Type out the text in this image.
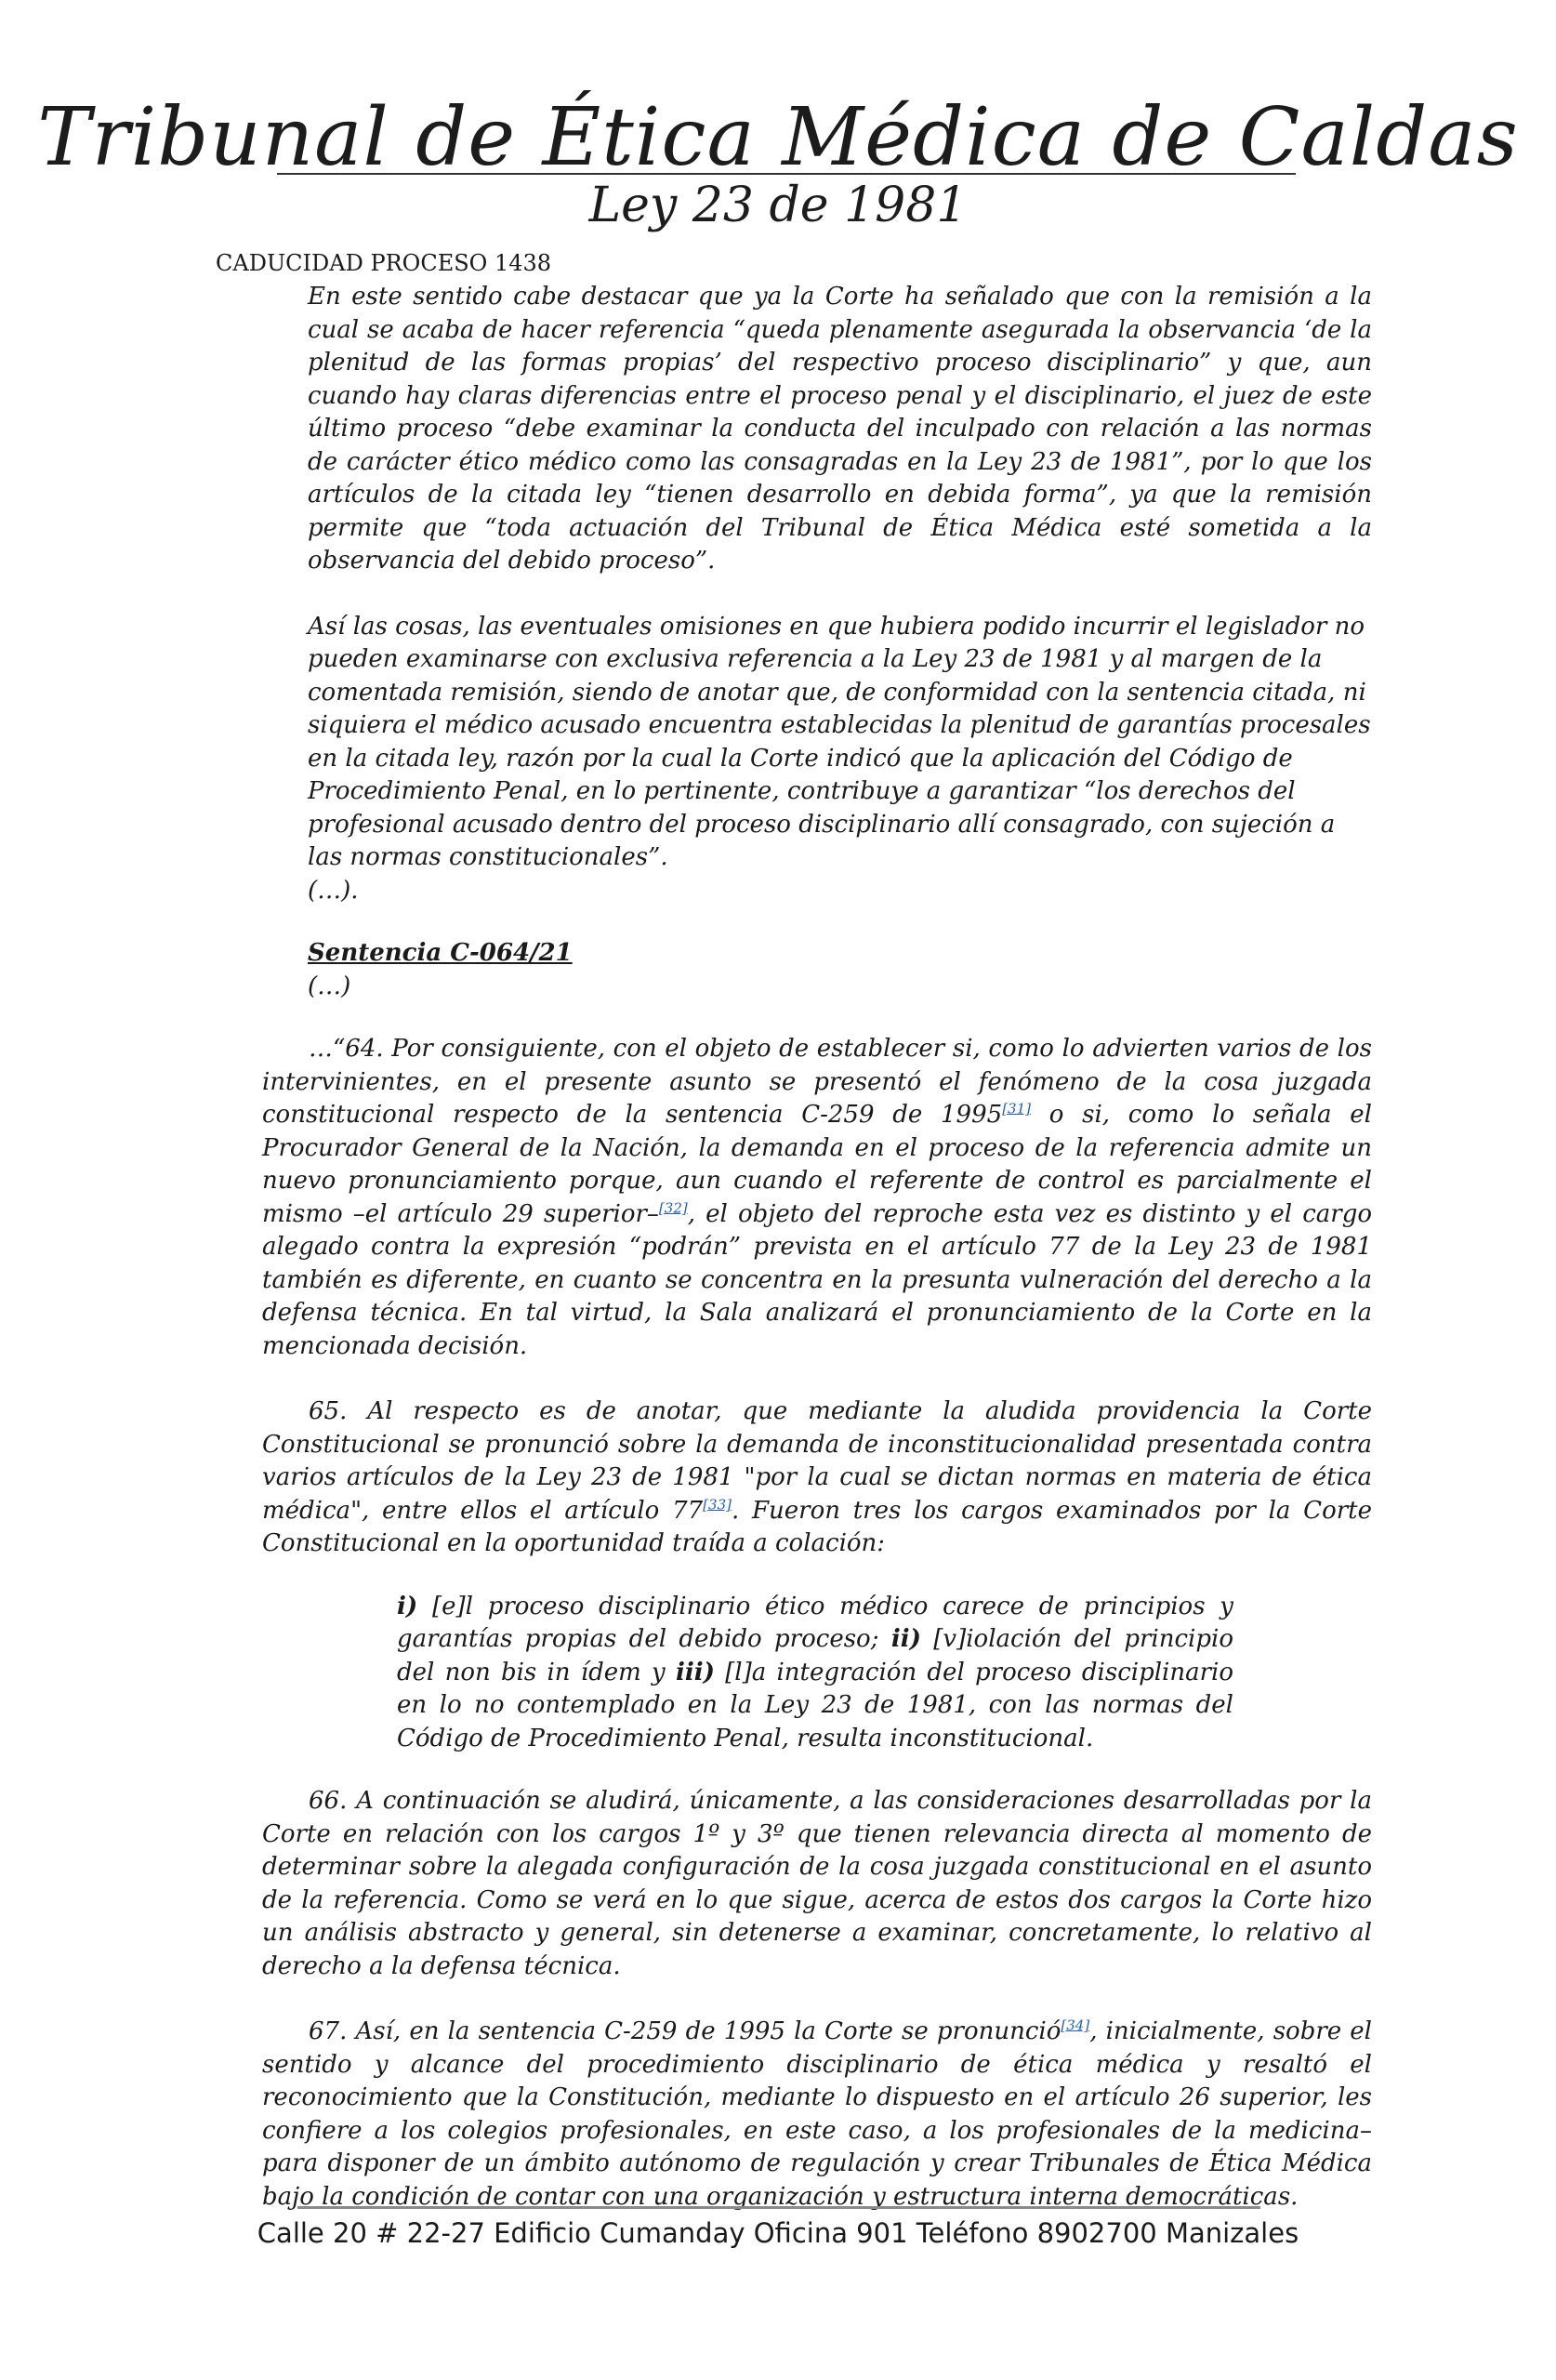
Tribunal de Ética Médica de Caldas
Ley 23 de 1981
CADUCIDAD PROCESO 1438

En este sentido cabe destacar que ya la Corte ha señalado que con la remisión a la cual se acaba de hacer referencia “queda plenamente asegurada la observancia ‘de la plenitud de las formas propias’ del respectivo proceso disciplinario” y que, aun cuando hay claras diferencias entre el proceso penal y el disciplinario, el juez de este último proceso “debe examinar la conducta del inculpado con relación a las normas de carácter ético médico como las consagradas en la Ley 23 de 1981”, por lo que los artículos de la citada ley “tienen desarrollo en debida forma”, ya que la remisión permite que “toda actuación del Tribunal de Ética Médica esté sometida a la observancia del debido proceso”.

Así las cosas, las eventuales omisiones en que hubiera podido incurrir el legislador no pueden examinarse con exclusiva referencia a la Ley 23 de 1981 y al margen de la comentada remisión, siendo de anotar que, de conformidad con la sentencia citada, ni siquiera el médico acusado encuentra establecidas la plenitud de garantías procesales en la citada ley, razón por la cual la Corte indicó que la aplicación del Código de Procedimiento Penal, en lo pertinente, contribuye a garantizar “los derechos del profesional acusado dentro del proceso disciplinario allí consagrado, con sujeción a las normas constitucionales”.

(…).

Sentencia C-064/21

(…)

…“64. Por consiguiente, con el objeto de establecer si, como lo advierten varios de los intervinientes, en el presente asunto se presentó el fenómeno de la cosa juzgada constitucional respecto de la sentencia C-259 de 1995[31] o si, como lo señala el Procurador General de la Nación, la demanda en el proceso de la referencia admite un nuevo pronunciamiento porque, aun cuando el referente de control es parcialmente el mismo –el artículo 29 superior–[32], el objeto del reproche esta vez es distinto y el cargo alegado contra la expresión “podrán” prevista en el artículo 77 de la Ley 23 de 1981 también es diferente, en cuanto se concentra en la presunta vulneración del derecho a la defensa técnica. En tal virtud, la Sala analizará el pronunciamiento de la Corte en la mencionada decisión.

65. Al respecto es de anotar, que mediante la aludida providencia la Corte Constitucional se pronunció sobre la demanda de inconstitucionalidad presentada contra varios artículos de la Ley 23 de 1981 "por la cual se dictan normas en materia de ética médica", entre ellos el artículo 77[33]. Fueron tres los cargos examinados por la Corte Constitucional en la oportunidad traída a colación:

i) [e]l proceso disciplinario ético médico carece de principios y garantías propias del debido proceso; ii) [v]iolación del principio del non bis in ídem y iii) [l]a integración del proceso disciplinario en lo no contemplado en la Ley 23 de 1981, con las normas del Código de Procedimiento Penal, resulta inconstitucional.

66. A continuación se aludirá, únicamente, a las consideraciones desarrolladas por la Corte en relación con los cargos 1º y 3º que tienen relevancia directa al momento de determinar sobre la alegada configuración de la cosa juzgada constitucional en el asunto de la referencia. Como se verá en lo que sigue, acerca de estos dos cargos la Corte hizo un análisis abstracto y general, sin detenerse a examinar, concretamente, lo relativo al derecho a la defensa técnica.

67. Así, en la sentencia C-259 de 1995 la Corte se pronunció[34], inicialmente, sobre el sentido y alcance del procedimiento disciplinario de ética médica y resaltó el reconocimiento que la Constitución, mediante lo dispuesto en el artículo 26 superior, les confiere a los colegios profesionales, en este caso, a los profesionales de la medicina– para disponer de un ámbito autónomo de regulación y crear Tribunales de Ética Médica bajo la condición de contar con una organización y estructura interna democráticas.

Calle 20 # 22-27 Edificio Cumanday Oficina 901 Teléfono 8902700 Manizales
